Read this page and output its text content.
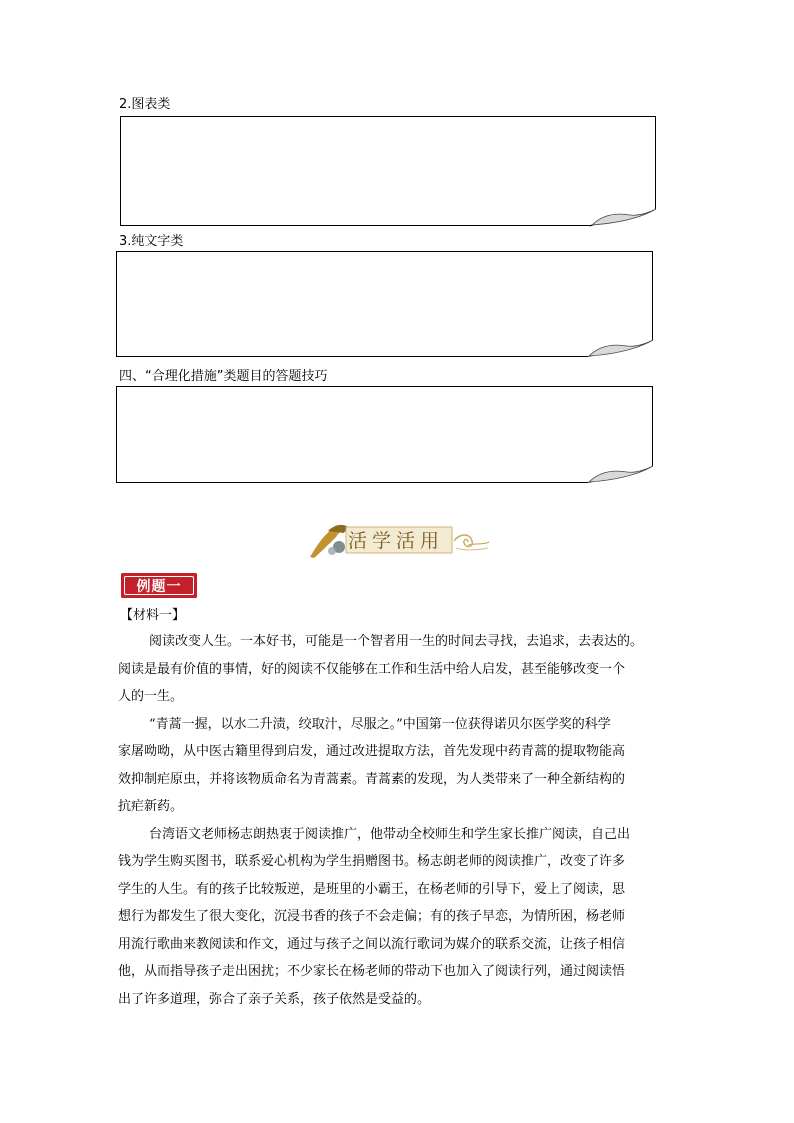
2.图表类
3.纯文字类
四、“合理化措施”类题目的答题技巧
活学活用
例题一
【材料一】
阅读改变人生。一本好书，可能是一个智者用一生的时间去寻找，去追求，去表达的。
阅读是最有价值的事情，好的阅读不仅能够在工作和生活中给人启发，甚至能够改变一个
人的一生。
“青蒿一握，以水二升渍，绞取汁，尽服之。”中国第一位获得诺贝尔医学奖的科学
家屠呦呦，从中医古籍里得到启发，通过改进提取方法，首先发现中药青蒿的提取物能高
效抑制疟原虫，并将该物质命名为青蒿素。青蒿素的发现，为人类带来了一种全新结构的
抗疟新药。
台湾语文老师杨志朗热衷于阅读推广，他带动全校师生和学生家长推广阅读，自己出
钱为学生购买图书，联系爱心机构为学生捐赠图书。杨志朗老师的阅读推广，改变了许多
学生的人生。有的孩子比较叛逆，是班里的小霸王，在杨老师的引导下，爱上了阅读，思
想行为都发生了很大变化，沉浸书香的孩子不会走偏；有的孩子早恋，为情所困，杨老师
用流行歌曲来教阅读和作文，通过与孩子之间以流行歌词为媒介的联系交流，让孩子相信
他，从而指导孩子走出困扰；不少家长在杨老师的带动下也加入了阅读行列，通过阅读悟
出了许多道理，弥合了亲子关系，孩子依然是受益的。
